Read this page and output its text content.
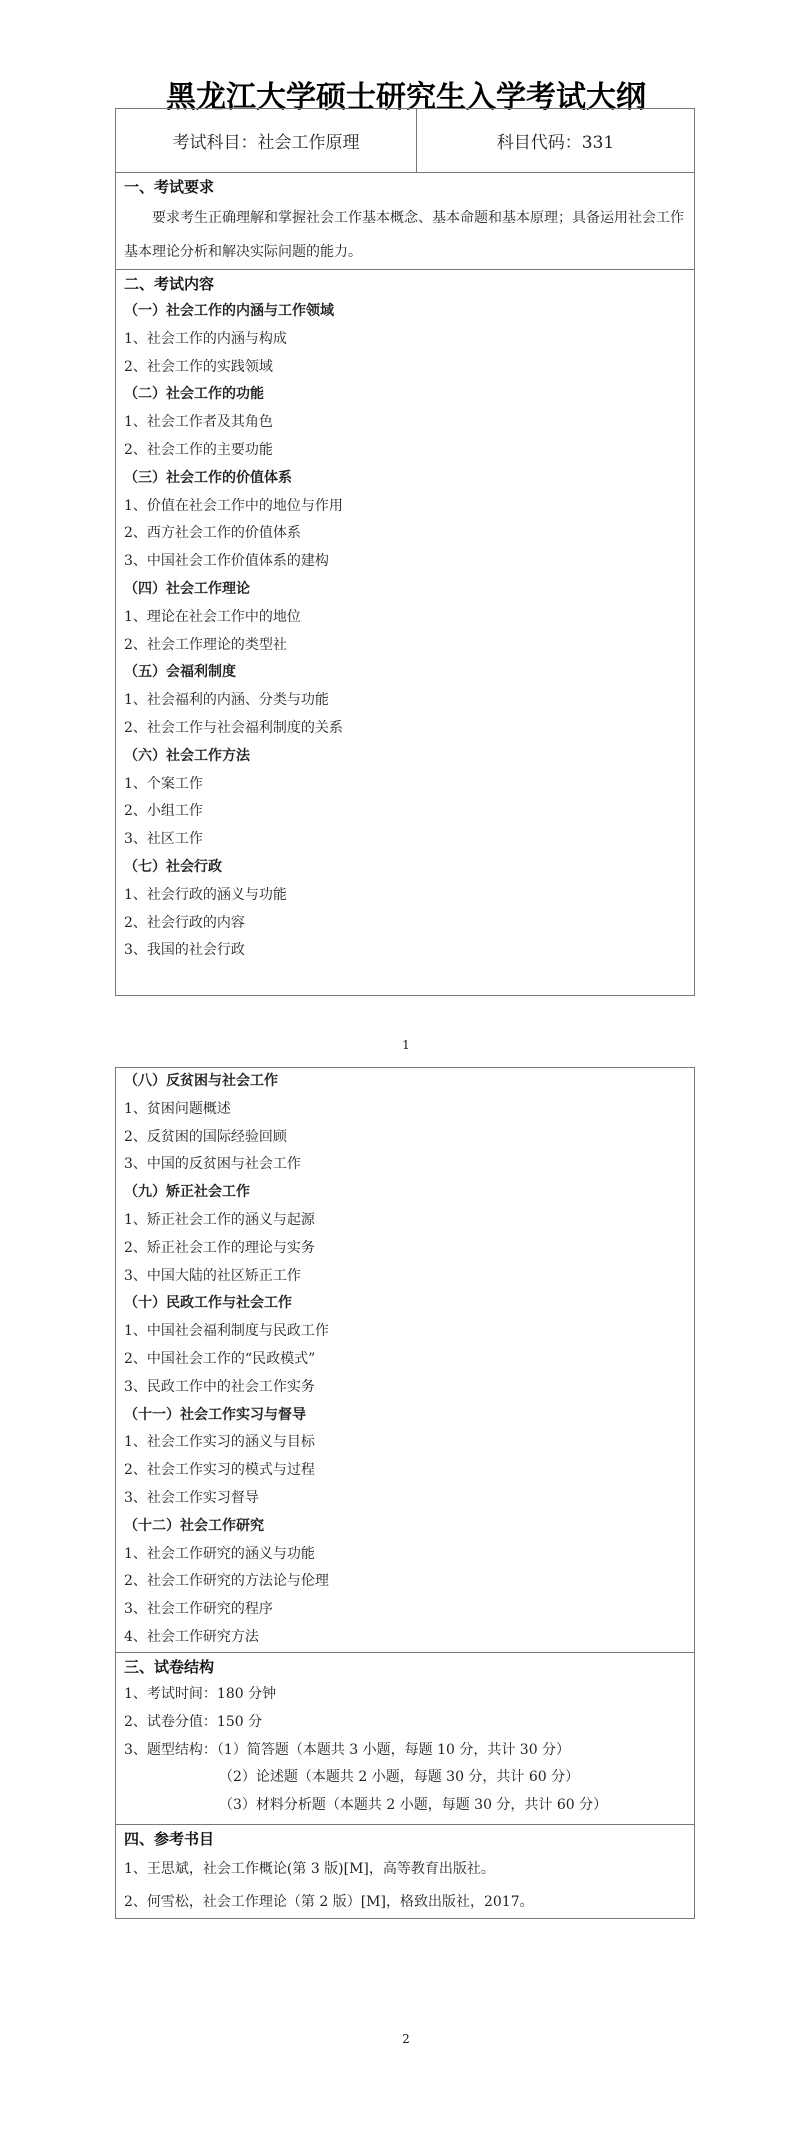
黑龙江大学硕士研究生入学考试大纲
考试科目：社会工作原理	科目代码：331
一、考试要求
要求考生正确理解和掌握社会工作基本概念、基本命题和基本原理；具备运用社会工作基本理论分析和解决实际问题的能力。
二、考试内容
（一）社会工作的内涵与工作领域
1、社会工作的内涵与构成
2、社会工作的实践领域
（二）社会工作的功能
1、社会工作者及其角色
2、社会工作的主要功能
（三）社会工作的价值体系
1、价值在社会工作中的地位与作用
2、西方社会工作的价值体系
3、中国社会工作价值体系的建构
（四）社会工作理论
1、理论在社会工作中的地位
2、社会工作理论的类型社
（五）会福利制度
1、社会福利的内涵、分类与功能
2、社会工作与社会福利制度的关系
（六）社会工作方法
1、个案工作
2、小组工作
3、社区工作
（七）社会行政
1、社会行政的涵义与功能
2、社会行政的内容
3、我国的社会行政
1
（八）反贫困与社会工作
1、贫困问题概述
2、反贫困的国际经验回顾
3、中国的反贫困与社会工作
（九）矫正社会工作
1、矫正社会工作的涵义与起源
2、矫正社会工作的理论与实务
3、中国大陆的社区矫正工作
（十）民政工作与社会工作
1、中国社会福利制度与民政工作
2、中国社会工作的“民政模式”
3、民政工作中的社会工作实务
（十一）社会工作实习与督导
1、社会工作实习的涵义与目标
2、社会工作实习的模式与过程
3、社会工作实习督导
（十二）社会工作研究
1、社会工作研究的涵义与功能
2、社会工作研究的方法论与伦理
3、社会工作研究的程序
4、社会工作研究方法
三、试卷结构
1、考试时间：180 分钟
2、试卷分值：150 分
3、题型结构：（1）简答题（本题共 3 小题，每题 10 分，共计 30 分）
（2）论述题（本题共 2 小题，每题 30 分，共计 60 分）
（3）材料分析题（本题共 2 小题，每题 30 分，共计 60 分）
四、参考书目
1、王思斌，社会工作概论(第 3 版)[M]，高等教育出版社。
2、何雪松，社会工作理论（第 2 版）[M]，格致出版社，2017。
2
